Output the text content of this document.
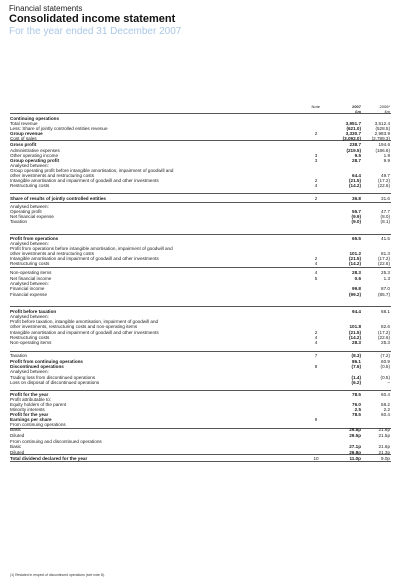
Financial statements
Consolidated income statement
For the year ended 31 December 2007
Note	2007
£m
2006*
£m
Continuing operations
Total revenue	3,951.7	3,512.4
Less: Share of jointly controlled entities revenue	(621.0)	(528.5)
Group revenue	2	3,330.7	2,983.9
Cost of sales	(3,092.0)	(2,789.3)
Gross profit	238.7	194.6
Administrative expenses	(219.5)	(186.6)
Other operating income	3	9.5	1.9
Group operating profit	3	28.7	9.9
Analysed between:
Group operating profit before intangible amortisation, impairment of goodwill and
other investments and restructuring costs	64.4	49.7
Intangible amortisation and impairment of goodwill and other investments	2	(21.5)	(17.2)
Restructuring costs	4	(14.2)	(22.6)
Share of results of jointly controlled entities	2	36.8	31.6
Analysed between:
Operating profit	55.7	47.7
Net financial expense	(9.9)	(8.0)
Taxation	(9.0)	(8.1)
Profit from operations	65.5	41.5
Analysed between:
Profit from operations before intangible amortisation, impairment of goodwill and
other investments and restructuring costs	101.2	81.3
Intangible amortisation and impairment of goodwill and other investments	2	(21.5)	(17.2)
Restructuring costs	4	(14.2)	(22.6)
Non-operating items	4	28.3	25.3
Net financial income	5	0.6	1.3
Analysed between:
Financial income	99.8	87.0
Financial expense	(99.2)	(85.7)
Profit before taxation	94.4	68.1
Analysed between:
Profit before taxation, intangible amortisation, impairment of goodwill and
other investments, restructuring costs and non-operating items	101.8	82.6
Intangible amortisation and impairment of goodwill and other investments	2	(21.5)	(17.2)
Restructuring costs	4	(14.2)	(22.6)
Non-operating items	4	28.3	25.3
Taxation	7	(8.3)	(7.2)
Profit from continuing operations	86.1	60.9
Discontinued operations	8	(7.6)	(0.5)
Analysed between:
Trading loss from discontinued operations	(1.4)	(0.5)
Loss on disposal of discontinued operations	(6.2)	–
Profit for the year	78.5	60.4
Profit attributable to:
Equity holders of the parent	76.0	58.2
Minority interests	2.5	2.2
Profit for the year	78.5	60.4
Earnings per share	9
From continuing operations
Basic	29.8p	21.8p
Diluted	29.5p	21.5p
From continuing and discontinued operations
Basic	27.1p	21.6p
Diluted	26.8p	21.3p
Total dividend declared for the year	10	11.0p	9.0p
(1) Restated in respect of discontinued operations (see note 8).
